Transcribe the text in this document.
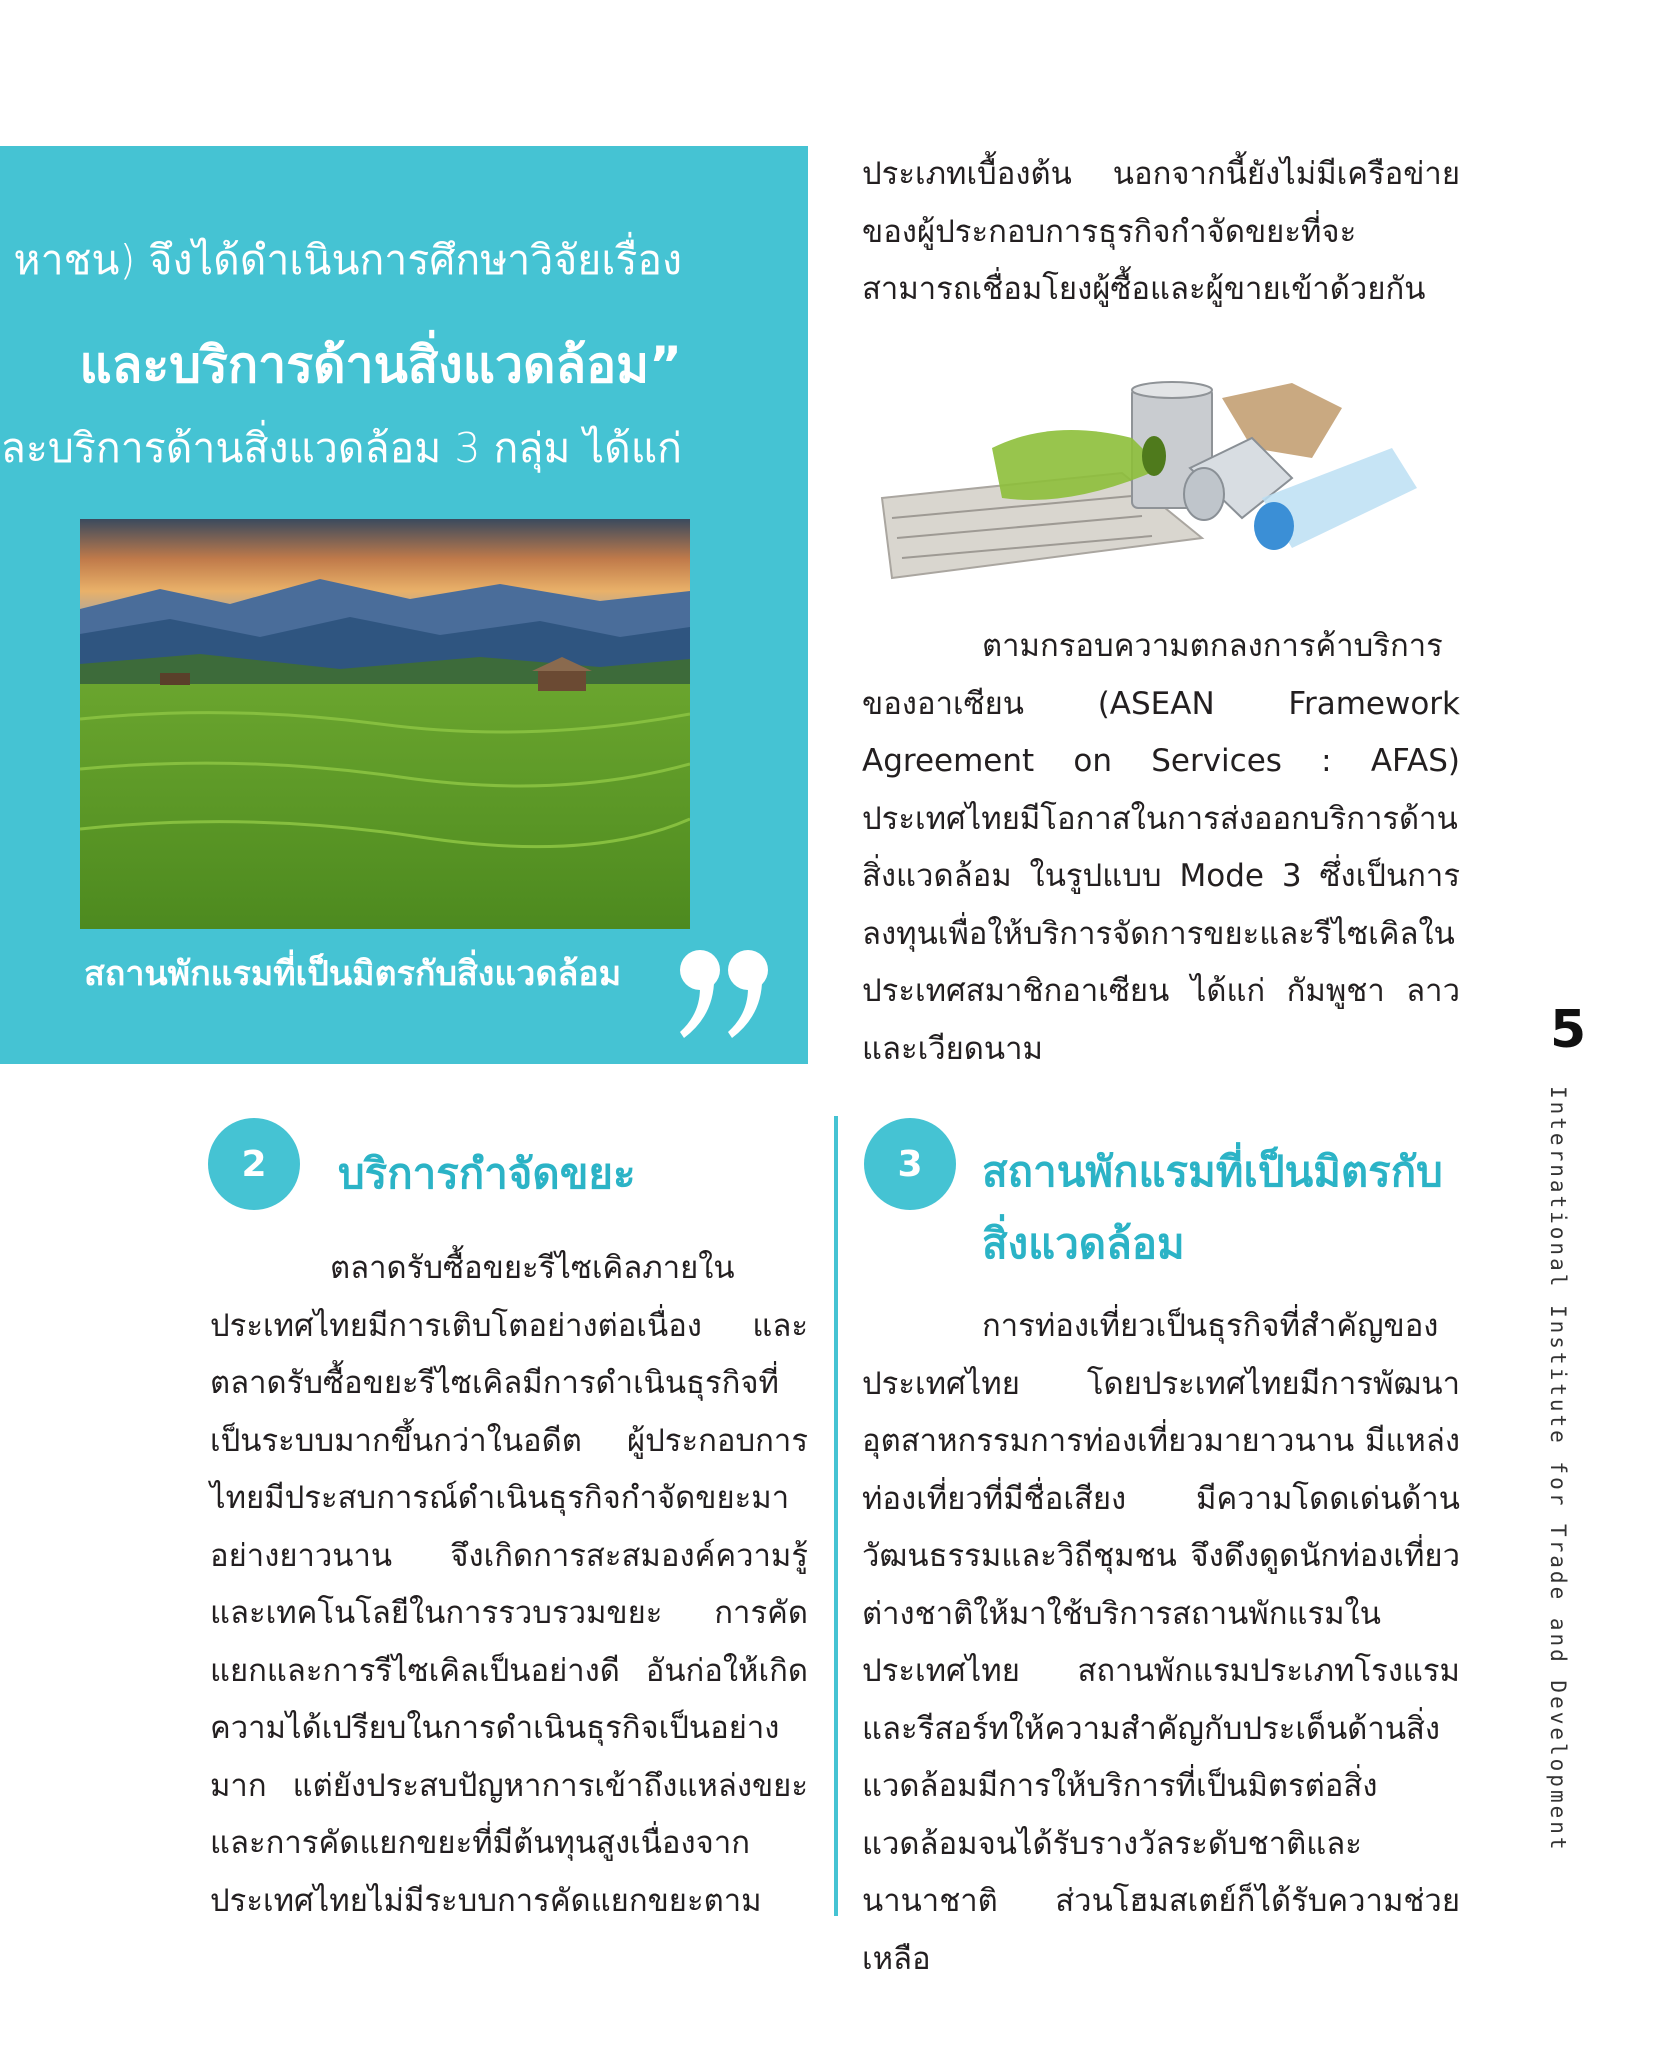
หาชน) จึงได้ดำเนินการศึกษาวิจัยเรื่อง
และบริการด้านสิ่งแวดล้อม”
ละบริการด้านสิ่งแวดล้อม 3 กลุ่ม ได้แก่
สถานพักแรมที่เป็นมิตรกับสิ่งแวดล้อม

ประเภทเบื้องต้น นอกจากนี้ยังไม่มีเครือข่ายของผู้ประกอบการธุรกิจกำจัดขยะที่จะสามารถเชื่อมโยงผู้ซื้อและผู้ขายเข้าด้วยกัน

ตามกรอบความตกลงการค้าบริการของอาเซียน (ASEAN Framework Agreement on Services : AFAS) ประเทศไทยมีโอกาสในการส่งออกบริการด้านสิ่งแวดล้อม ในรูปแบบ Mode 3 ซึ่งเป็นการลงทุนเพื่อให้บริการจัดการขยะและรีไซเคิลในประเทศสมาชิกอาเซียน ได้แก่ กัมพูชา ลาว และเวียดนาม

2	บริการกำจัดขยะ

ตลาดรับซื้อขยะรีไซเคิลภายในประเทศไทยมีการเติบโตอย่างต่อเนื่อง และตลาดรับซื้อขยะรีไซเคิลมีการดำเนินธุรกิจที่เป็นระบบมากขึ้นกว่าในอดีต ผู้ประกอบการไทยมีประสบการณ์ดำเนินธุรกิจกำจัดขยะมาอย่างยาวนาน จึงเกิดการสะสมองค์ความรู้และเทคโนโลยีในการรวบรวมขยะ การคัดแยกและการรีไซเคิลเป็นอย่างดี อันก่อให้เกิดความได้เปรียบในการดำเนินธุรกิจเป็นอย่างมาก แต่ยังประสบปัญหาการเข้าถึงแหล่งขยะและการคัดแยกขยะที่มีต้นทุนสูงเนื่องจากประเทศไทยไม่มีระบบการคัดแยกขยะตาม

3	สถานพักแรมที่เป็นมิตรกับ
สิ่งแวดล้อม

การท่องเที่ยวเป็นธุรกิจที่สำคัญของประเทศไทย โดยประเทศไทยมีการพัฒนาอุตสาหกรรมการท่องเที่ยวมายาวนาน มีแหล่งท่องเที่ยวที่มีชื่อเสียง มีความโดดเด่นด้านวัฒนธรรมและวิถีชุมชน จึงดึงดูดนักท่องเที่ยวต่างชาติให้มาใช้บริการสถานพักแรมในประเทศไทย สถานพักแรมประเภทโรงแรมและรีสอร์ทให้ความสำคัญกับประเด็นด้านสิ่งแวดล้อมมีการให้บริการที่เป็นมิตรต่อสิ่งแวดล้อมจนได้รับรางวัลระดับชาติและนานาชาติ ส่วนโฮมสเตย์ก็ได้รับความช่วยเหลือ

5
International Institute for Trade and Development
